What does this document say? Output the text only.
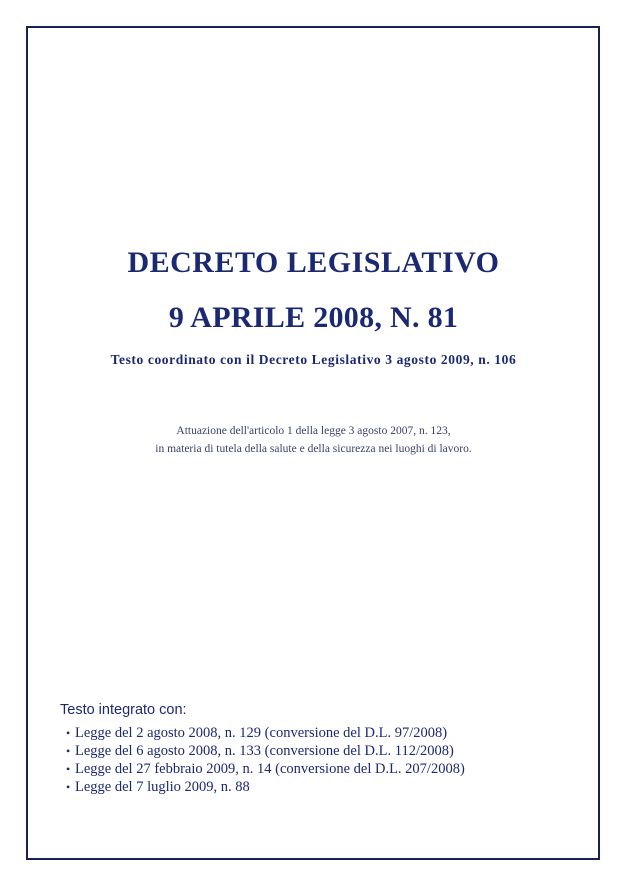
DECRETO LEGISLATIVO
9 APRILE 2008, N. 81

Testo coordinato con il Decreto Legislativo 3 agosto 2009, n. 106

Attuazione dell'articolo 1 della legge 3 agosto 2007, n. 123,

in materia di tutela della salute e della sicurezza nei luoghi di lavoro.

Testo integrato con:

• Legge del 2 agosto 2008, n. 129 (conversione del D.L. 97/2008)
• Legge del 6 agosto 2008, n. 133 (conversione del D.L. 112/2008)
• Legge del 27 febbraio 2009, n. 14 (conversione del D.L. 207/2008)
• Legge del 7 luglio 2009, n. 88
